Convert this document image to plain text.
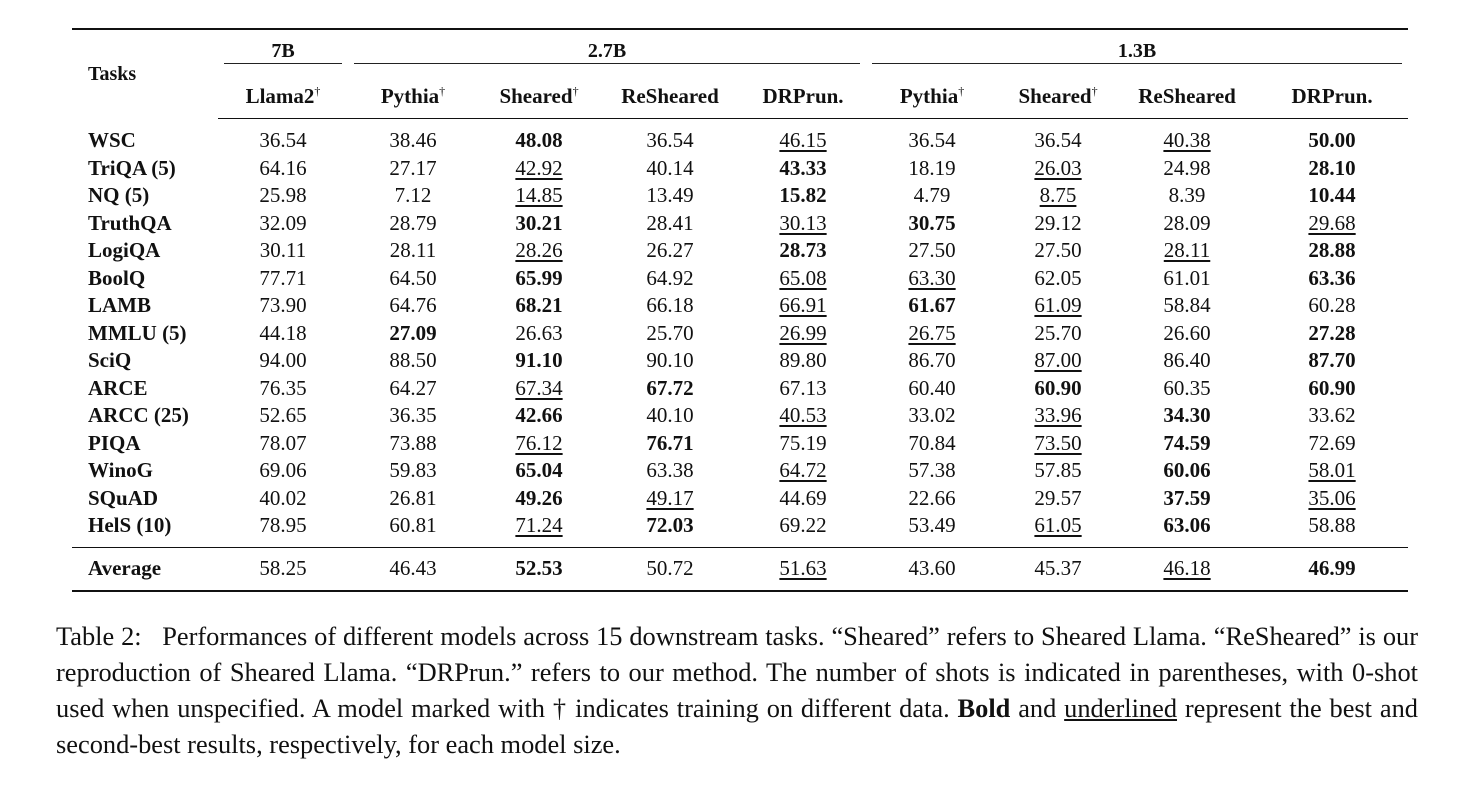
Tasks	7B	2.7B				1.3B			

	Llama2†	Pythia†	Sheared†	ReSheared	DRPrun.	Pythia†	Sheared†	ReSheared	DRPrun.
WSC	36.54	38.46	48.08	36.54	46.15	36.54	36.54	40.38	50.00
TriQA (5)	64.16	27.17	42.92	40.14	43.33	18.19	26.03	24.98	28.10
NQ (5)	25.98	7.12	14.85	13.49	15.82	4.79	8.75	8.39	10.44
TruthQA	32.09	28.79	30.21	28.41	30.13	30.75	29.12	28.09	29.68
LogiQA	30.11	28.11	28.26	26.27	28.73	27.50	27.50	28.11	28.88
BoolQ	77.71	64.50	65.99	64.92	65.08	63.30	62.05	61.01	63.36
LAMB	73.90	64.76	68.21	66.18	66.91	61.67	61.09	58.84	60.28
MMLU (5)	44.18	27.09	26.63	25.70	26.99	26.75	25.70	26.60	27.28
SciQ	94.00	88.50	91.10	90.10	89.80	86.70	87.00	86.40	87.70
ARCE	76.35	64.27	67.34	67.72	67.13	60.40	60.90	60.35	60.90
ARCC (25)	52.65	36.35	42.66	40.10	40.53	33.02	33.96	34.30	33.62
PIQA	78.07	73.88	76.12	76.71	75.19	70.84	73.50	74.59	72.69
WinoG	69.06	59.83	65.04	63.38	64.72	57.38	57.85	60.06	58.01
SQuAD	40.02	26.81	49.26	49.17	44.69	22.66	29.57	37.59	35.06
HelS (10)	78.95	60.81	71.24	72.03	69.22	53.49	61.05	63.06	58.88
Average	58.25	46.43	52.53	50.72	51.63	43.60	45.37	46.18	46.99

Table 2: Performances of different models across 15 downstream tasks. “Sheared” refers to Sheared Llama. “ReSheared” is our reproduction of Sheared Llama. “DRPrun.” refers to our method. The number of shots is indicated in parentheses, with 0-shot used when unspecified. A model marked with † indicates training on different data. Bold and underlined represent the best and second-best results, respectively, for each model size.
